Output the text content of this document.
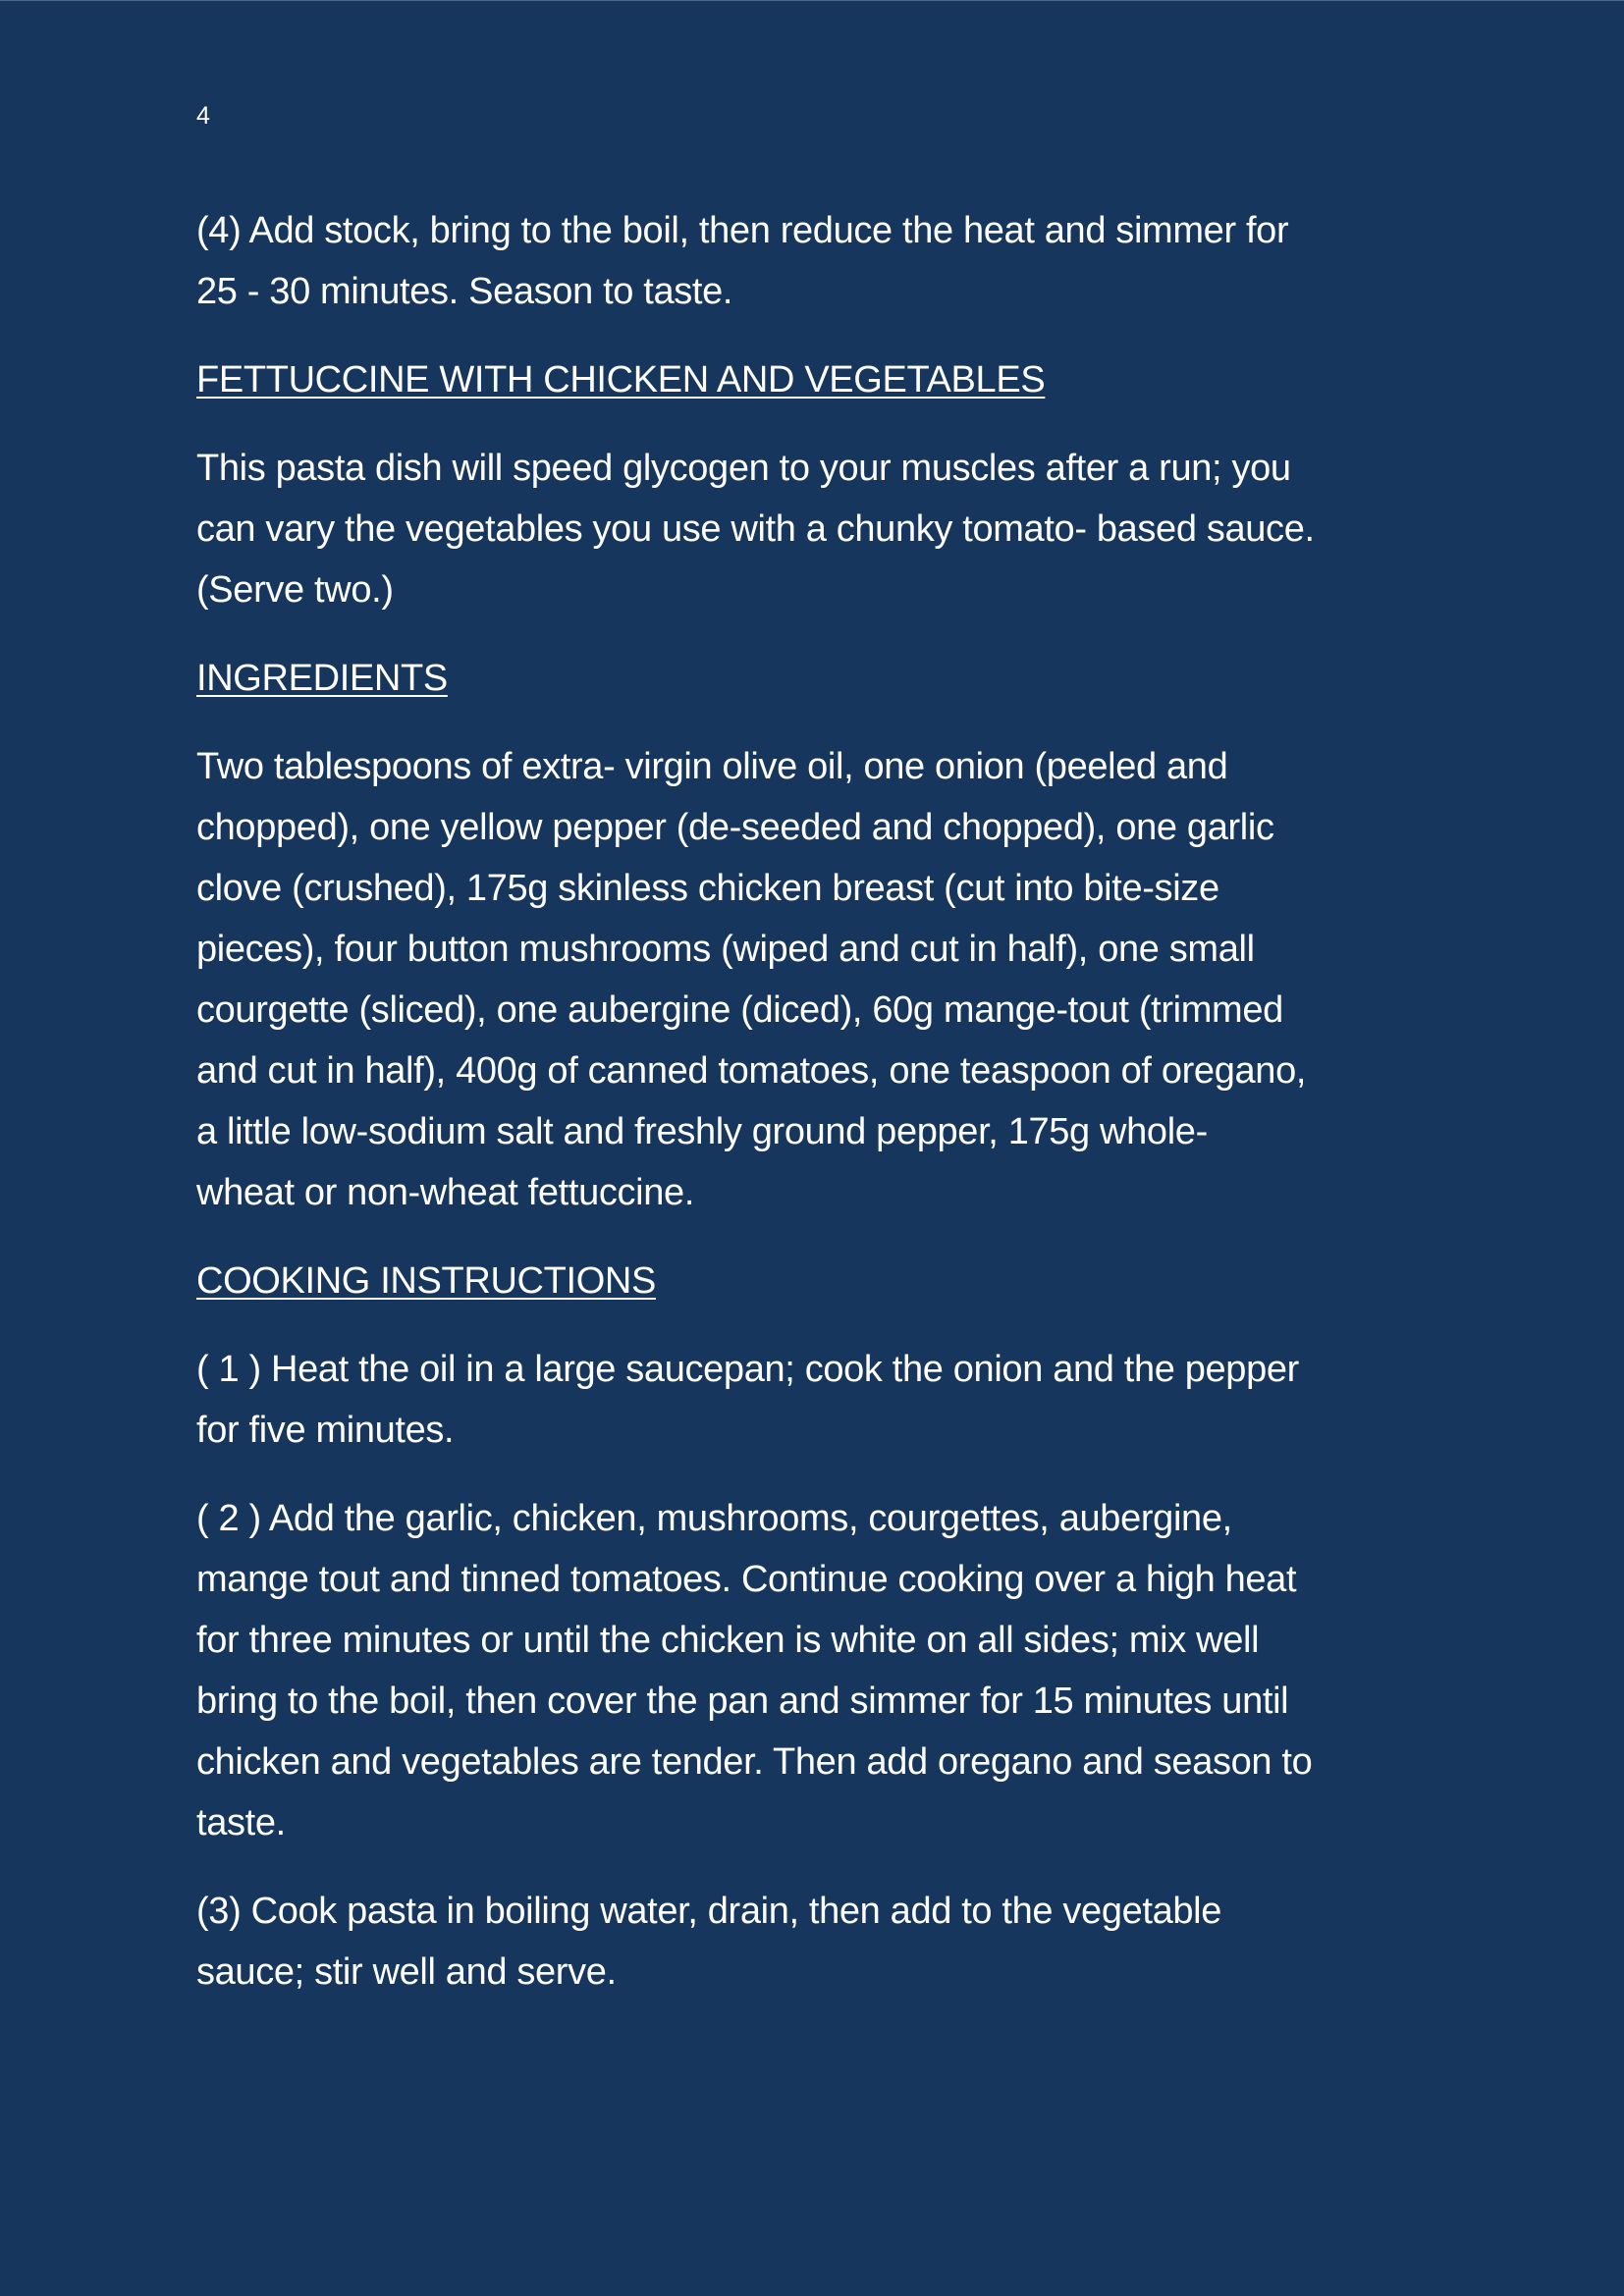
4

(4) Add stock, bring to the boil, then reduce the heat and simmer for
25 - 30 minutes. Season to taste.

FETTUCCINE WITH CHICKEN AND VEGETABLES

This pasta dish will speed glycogen to your muscles after a run; you
can vary the vegetables you use with a chunky tomato- based sauce.
(Serve two.)

INGREDIENTS

Two tablespoons of extra- virgin olive oil, one onion (peeled and
chopped), one yellow pepper (de-seeded and chopped), one garlic
clove (crushed), 175g skinless chicken breast (cut into bite-size
pieces), four button mushrooms (wiped and cut in half), one small
courgette (sliced), one aubergine (diced), 60g mange-tout (trimmed
and cut in half), 400g of canned tomatoes, one teaspoon of oregano,
a little low-sodium salt and freshly ground pepper, 175g whole-
wheat or non-wheat fettuccine.

COOKING INSTRUCTIONS

( 1 ) Heat the oil in a large saucepan; cook the onion and the pepper
for five minutes.

( 2 ) Add the garlic, chicken, mushrooms, courgettes, aubergine,
mange tout and tinned tomatoes. Continue cooking over a high heat
for three minutes or until the chicken is white on all sides; mix well
bring to the boil, then cover the pan and simmer for 15 minutes until
chicken and vegetables are tender. Then add oregano and season to
taste.

(3) Cook pasta in boiling water, drain, then add to the vegetable
sauce; stir well and serve.
